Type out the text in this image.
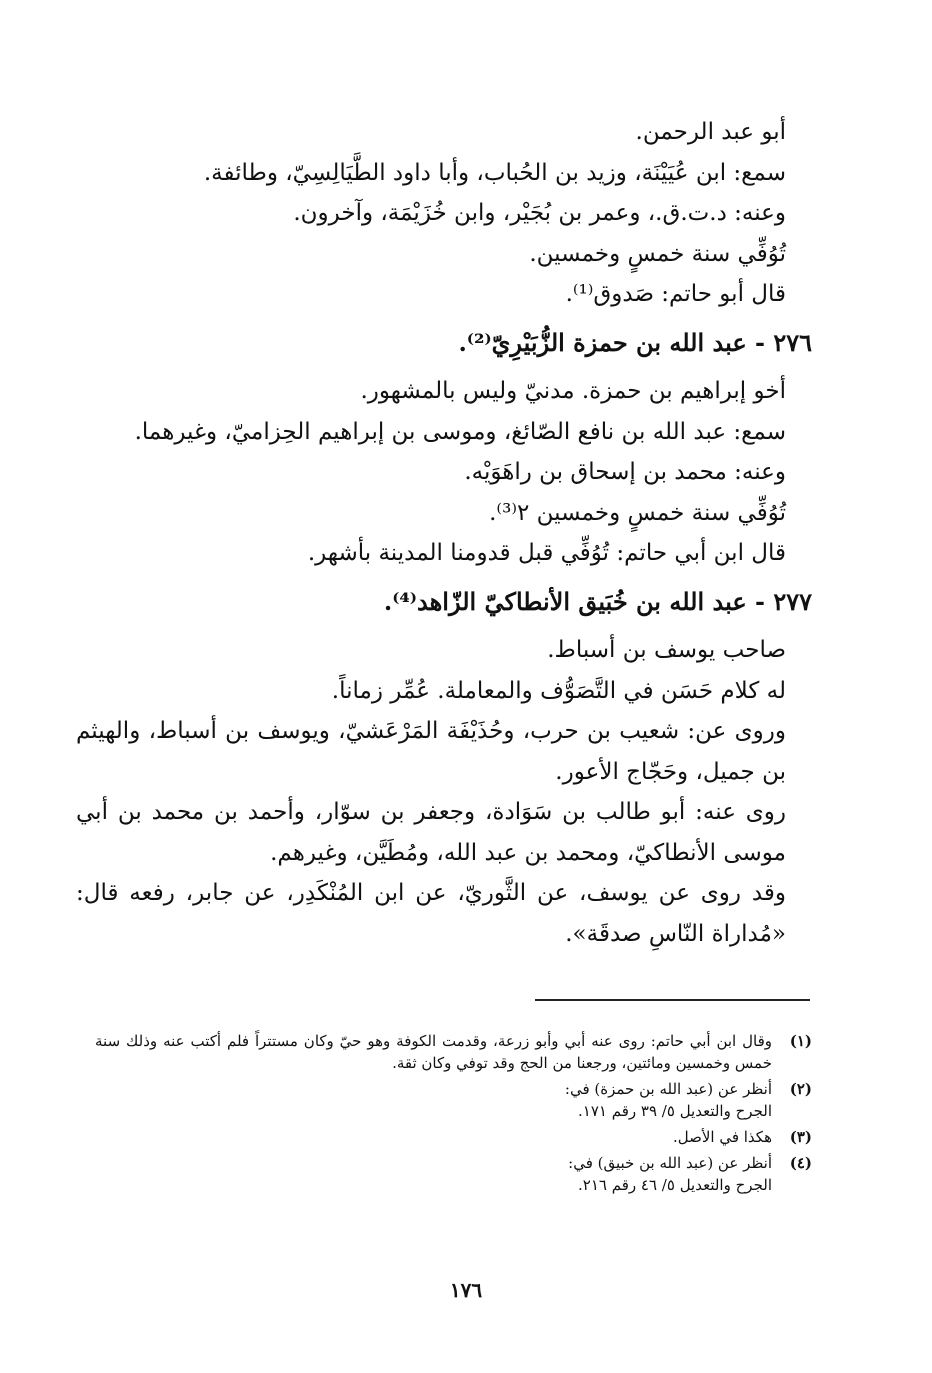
أبو عبد الرحمن.

سمع: ابن عُيَيْنَة، وزيد بن الحُباب، وأبا داود الطَّيَالِسِيّ، وطائفة.

وعنه: د.ت.ق.، وعمر بن بُجَيْر، وابن خُزَيْمَة، وآخرون.

تُوُفِّي سنة خمسٍ وخمسين.

قال أبو حاتم: صَدوق⁽¹⁾.

٢٧٦ - عبد الله بن حمزة الزُّبَيْرِيّ⁽²⁾.

أخو إبراهيم بن حمزة. مدنيّ وليس بالمشهور.

سمع: عبد الله بن نافع الصّائغ، وموسى بن إبراهيم الحِزاميّ، وغيرهما.

وعنه: محمد بن إسحاق بن راهَوَيْه.

تُوُفِّي سنة خمسٍ وخمسين ٢⁽³⁾.

قال ابن أبي حاتم: تُوُفِّي قبل قدومنا المدينة بأشهر.

٢٧٧ - عبد الله بن خُبَيق الأنطاكيّ الزّاهد⁽⁴⁾.

صاحب يوسف بن أسباط.

له كلام حَسَن في التَّصَوُّف والمعاملة. عُمِّر زماناً.

وروى عن: شعيب بن حرب، وحُذَيْفَة المَرْعَشيّ، ويوسف بن أسباط، والهيثم بن جميل، وحَجّاج الأعور.

روى عنه: أبو طالب بن سَوَادة، وجعفر بن سوّار، وأحمد بن محمد بن أبي موسى الأنطاكيّ، ومحمد بن عبد الله، ومُطَيَّن، وغيرهم.

وقد روى عن يوسف، عن الثَّوريّ، عن ابن المُنْكَدِر، عن جابر، رفعه قال: «مُداراة النّاسِ صدقَة».

(١)
وقال ابن أبي حاتم: روى عنه أبي وأبو زرعة، وقدمت الكوفة وهو حيّ وكان مستتراً فلم أكتب عنه وذلك سنة خمس وخمسين ومائتين، ورجعنا من الحج وقد توفي وكان ثقة.
(٢)
أنظر عن (عبد الله بن حمزة) في:
الجرح والتعديل ٥/ ٣٩ رقم ١٧١.
(٣)
هكذا في الأصل.
(٤)
أنظر عن (عبد الله بن خبيق) في:
الجرح والتعديل ٥/ ٤٦ رقم ٢١٦.
١٧٦
